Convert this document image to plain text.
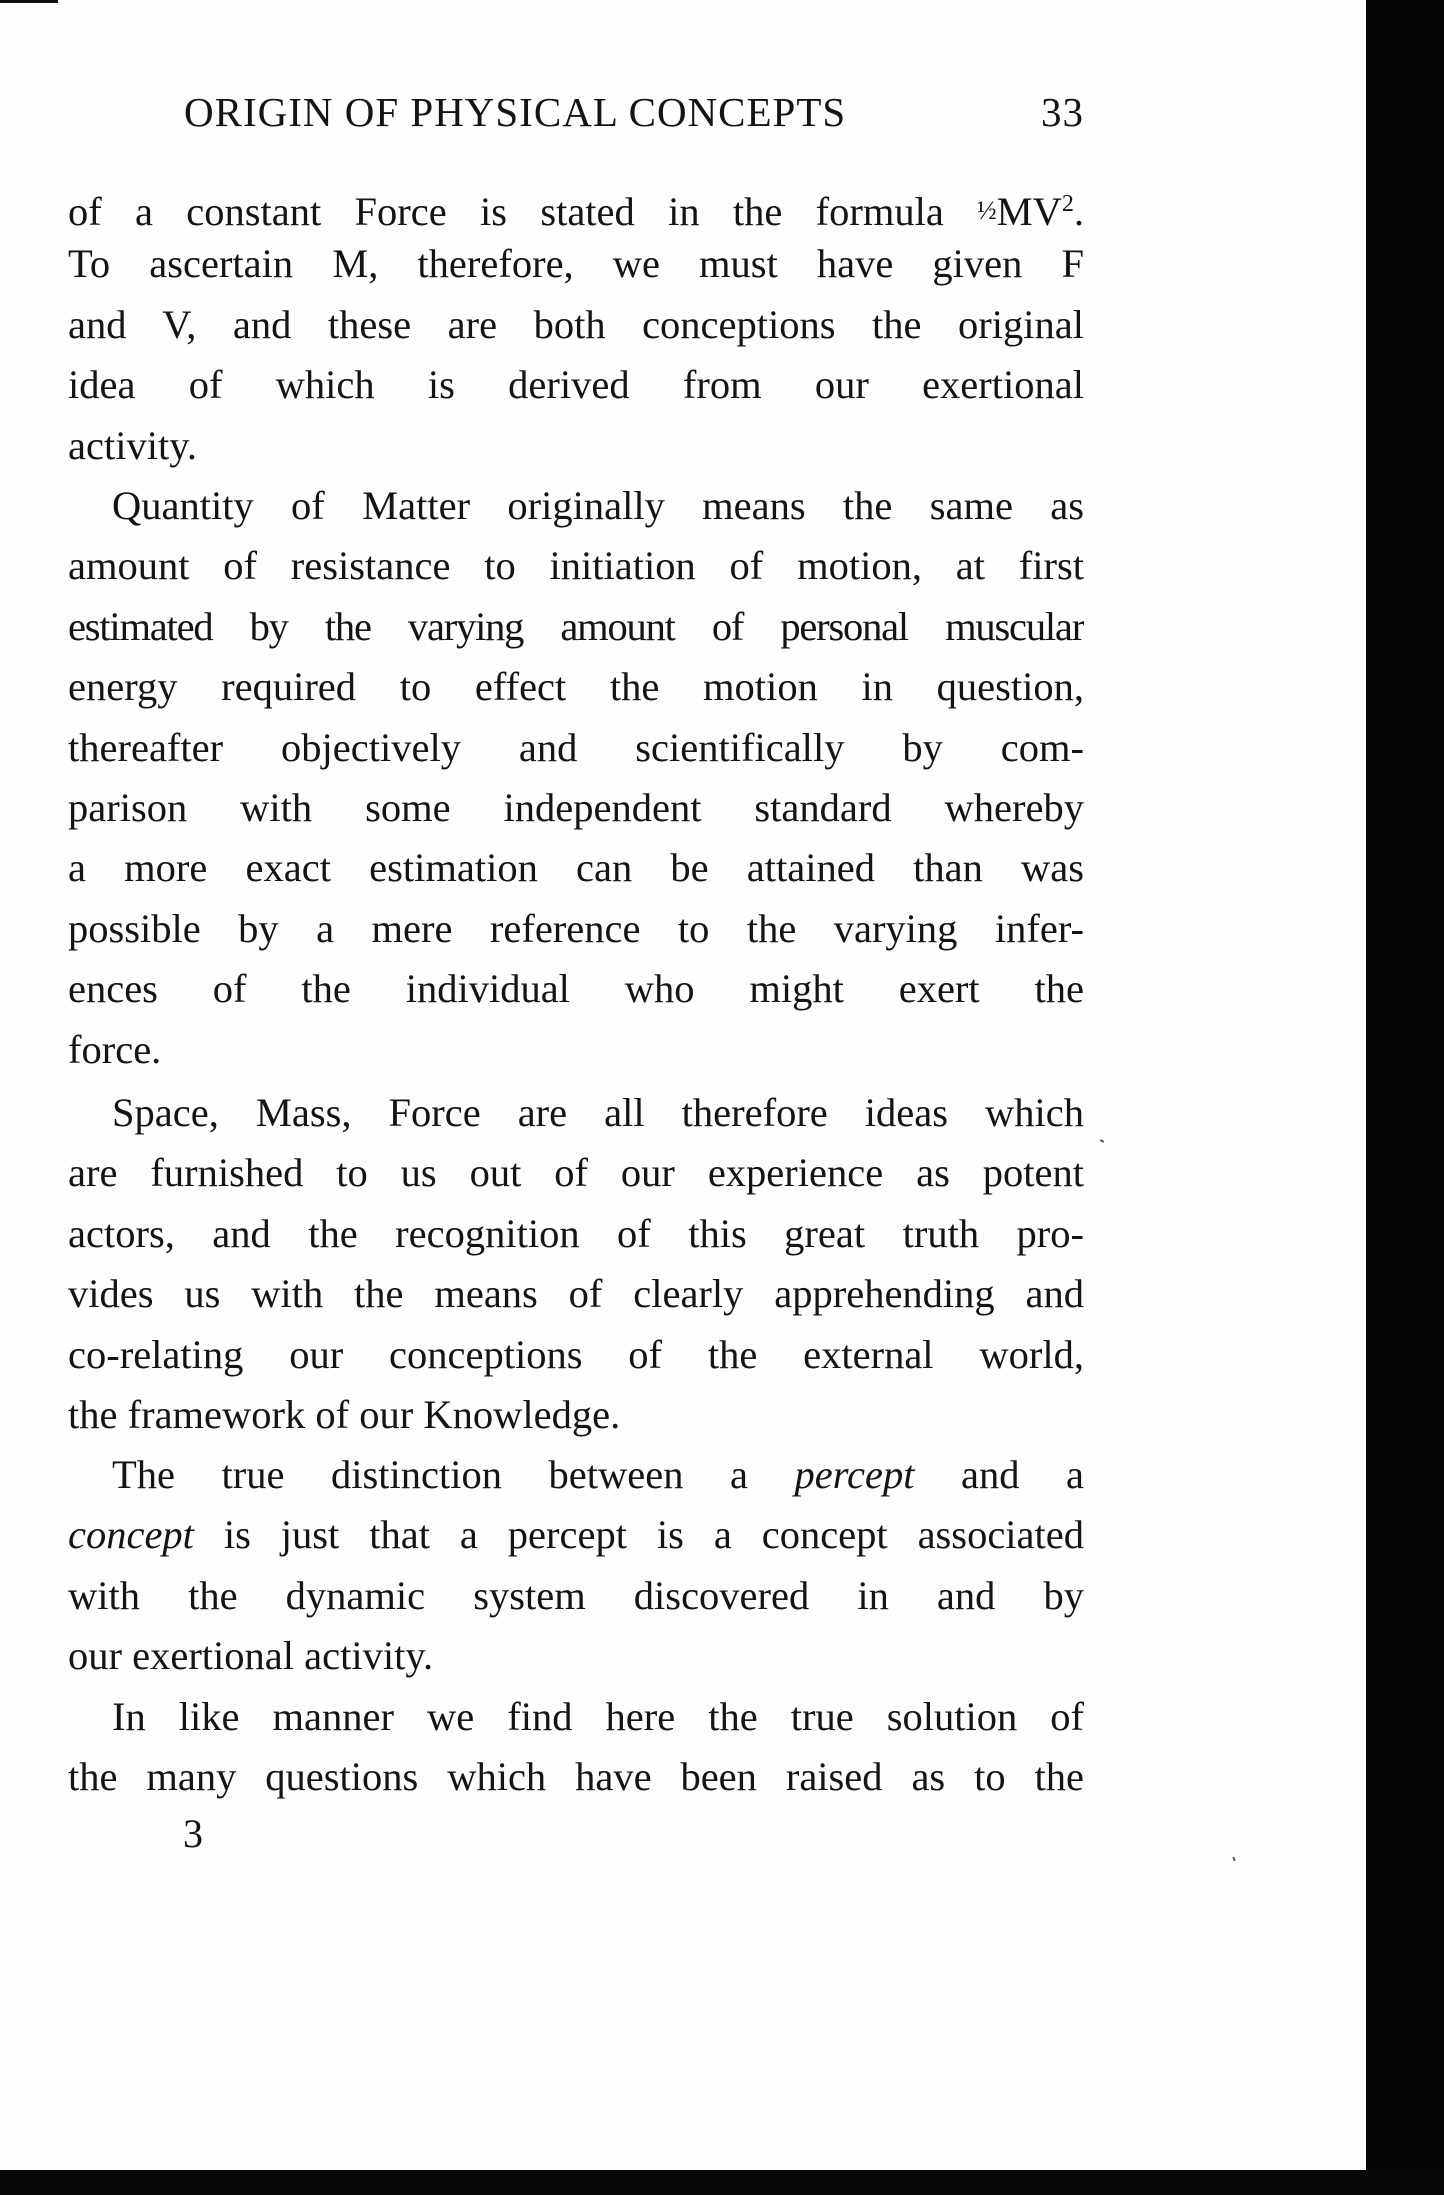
ORIGIN OF PHYSICAL CONCEPTS	33
of a constant Force is stated in the formula $\frac{1}{2}MV^2$.
To ascertain M, therefore, we must have given F
and V, and these are both conceptions the original
idea of which is derived from our exertional
activity.
Quantity of Matter originally means the same as
amount of resistance to initiation of motion, at first
estimated by the varying amount of personal muscular
energy required to effect the motion in question,
thereafter objectively and scientifically by com-
parison with some independent standard whereby
a more exact estimation can be attained than was
possible by a mere reference to the varying infer-
ences of the individual who might exert the
force.
Space, Mass, Force are all therefore ideas which
are furnished to us out of our experience as potent
actors, and the recognition of this great truth pro-
vides us with the means of clearly apprehending and
co-relating our conceptions of the external world,
the framework of our Knowledge.
The true distinction between a percept and a
concept is just that a percept is a concept associated
with the dynamic system discovered in and by
our exertional activity.
In like manner we find here the true solution of
the many questions which have been raised as to the
3
